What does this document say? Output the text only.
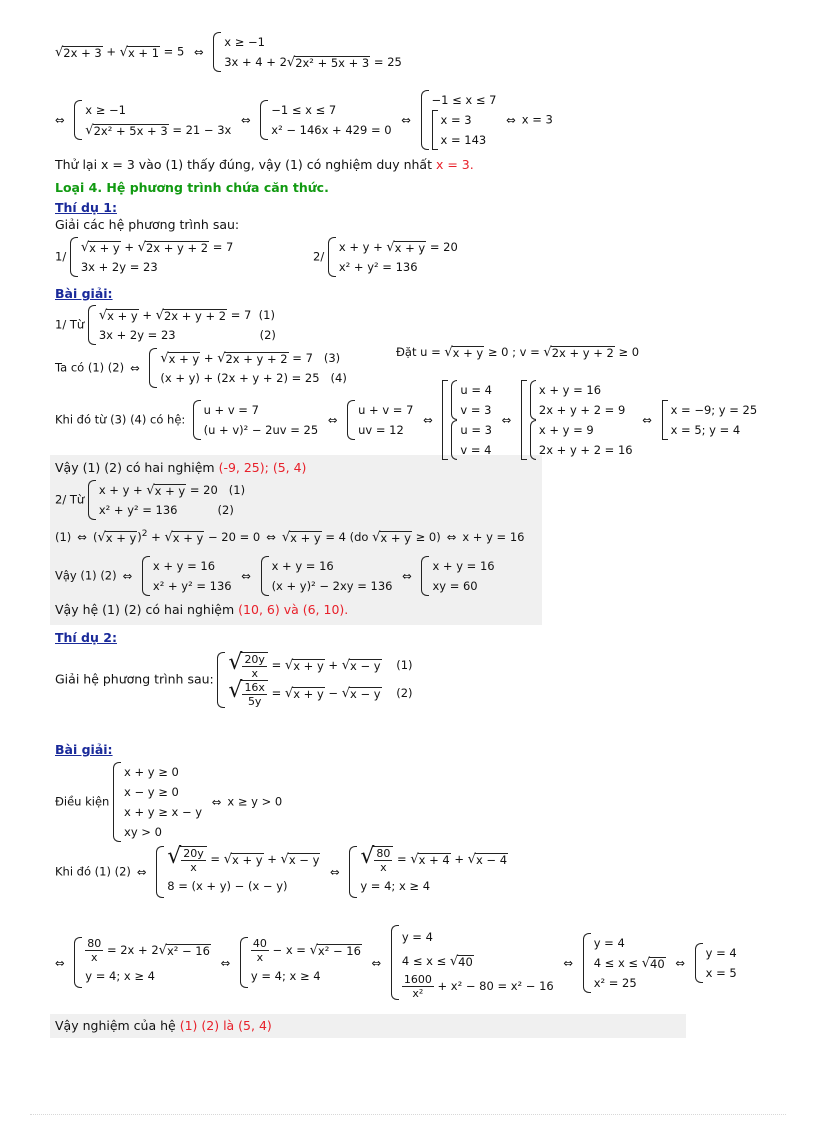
√ 2x + 3 + √ x + 1 = 5 ⇔
x ≥ −1
3x + 4 + 2 √ 2x² + 5x + 3 = 25
⇔
x ≥ −1
√ 2x² + 5x + 3 = 21 − 3x
⇔
−1 ≤ x ≤ 7
x² − 146x + 429 = 0
⇔
−1 ≤ x ≤ 7
x = 3
x = 143
⇔ x = 3
Thử lại x = 3 vào (1) thấy đúng, vậy (1) có nghiệm duy nhất x = 3.
Loại 4. Hệ phương trình chứa căn thức.
Thí dụ 1:
Giải các hệ phương trình sau:
1/
√ x + y + √ 2x + y + 2 = 7
3x + 2y = 23
2/
x + y + √ x + y = 20
x² + y² = 136
Bài giải:
1/ Từ
√ x + y + √ 2x + y + 2 = 7 (1)
3x + 2y = 23	(2)
Ta có (1) (2) ⇔
√ x + y + √ 2x + y + 2 = 7 (3)
(x + y) + (2x + y + 2) = 25 (4)
Đặt u = √ x + y ≥ 0 ; v = √ 2x + y + 2 ≥ 0
Khi đó từ (3) (4) có hệ:
u + v = 7
(u + v)² − 2uv = 25
⇔
u + v = 7
uv = 12
⇔
u = 4
v = 3
u = 3
v = 4
⇔
x + y = 16
2x + y + 2 = 9
x + y = 9
2x + y + 2 = 16
⇔
x = −9; y = 25
x = 5; y = 4
Vậy (1) (2) có hai nghiệm (-9, 25); (5, 4)
2/ Từ
x + y + √ x + y = 20 (1)
x² + y² = 136	(2)
(1) ⇔ ( √ x + y )$^2$ + √ x + y − 20 = 0 ⇔ √ x + y = 4 (do √ x + y ≥ 0) ⇔ x + y = 16
Vậy (1) (2) ⇔
x + y = 16
x² + y² = 136
⇔
x + y = 16
(x + y)² − 2xy = 136
⇔
x + y = 16
xy = 60
Vậy hệ (1) (2) có hai nghiệm (10, 6) và (6, 10).
Thí dụ 2:
Giải hệ phương trình sau:
√ $\frac{20y}{x}$ = √ x + y + √ x − y (1)
√ $\frac{16x}{5y}$ = √ x + y − √ x − y (2)
Bài giải:
Điều kiện
x + y ≥ 0
x − y ≥ 0
x + y ≥ x − y
xy > 0
⇔ x ≥ y > 0
Khi đó (1) (2) ⇔
√ $\frac{20y}{x}$ = √ x + y + √ x − y
8 = (x + y) − (x − y)
⇔
√ $\frac{80}{x}$ = √ x + 4 + √ x − 4
y = 4; x ≥ 4
⇔ $\frac{80}{x} = 2x + 2$ √ x² − 16
y = 4; x ≥ 4
⇔ $\frac{40}{x} - x$ = √ x² − 16
y = 4; x ≥ 4
⇔
y = 4
4 ≤ x ≤ √ 40
$\frac{1600}{\text{x²}} + x^2 - 80 = x^2 - 16$
⇔
y = 4
4 ≤ x ≤ √ 40
x² = 25
⇔
y = 4
x = 5
Vậy nghiệm của hệ (1) (2) là (5, 4)
